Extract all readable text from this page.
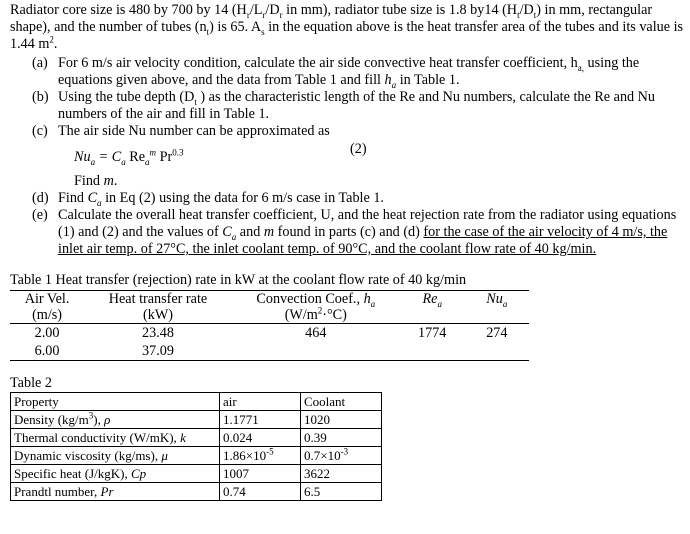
Radiator core size is 480 by 700 by 14 ($H_r/L_r/D_r$ in mm), radiator tube size is 1.8 by14 $(H_t/D_t)$ in mm, rectangular shape), and the number of tubes $(n_t)$ is 65. $A_s$ in the equation above is the heat transfer area of the tubes and its value is 1.44 $m^2$.

(a) For 6 m/s air velocity condition, calculate the air side convective heat transfer coefficient, $h_{a,}$ using the equations given above, and the data from Table 1 and fill $h_a$ in Table 1.
(b) Using the tube depth ($D_t$ ) as the characteristic length of the Re and Nu numbers, calculate the Re and Nu numbers of the air and fill in Table 1.
(c) The air side Nu number can be approximated as
$Nu_a = C_a$ $Re_a^m$ $Pr^{0.3}$	(2)
Find m.
(d) Find $C_a$ in Eq (2) using the data for 6 m/s case in Table 1.
(e) Calculate the overall heat transfer coefficient, U, and the heat rejection rate from the radiator using equations (1) and (2) and the values of $C_a$ and m found in parts (c) and (d) for the case of the air velocity of 4 m/s, the inlet air temp. of 27°C, the inlet coolant temp. of 90°C, and the coolant flow rate of 40 kg/min.

Table 1 Heat transfer (rejection) rate in kW at the coolant flow rate of 40 kg/min

Air Vel.	Heat transfer rate	Convection Coef., $h_a$	$Re_a$	$Nu_a$
(m/s)	(kW)	$(W/m^2\cdot^\circ C)$		
2.00	23.48	464	1774	274
6.00	37.09			

Table 2

Property	air	Coolant
Density $(kg/m^3)$, ρ	1.1771	1020
Thermal conductivity (W/mK), k	0.024	0.39
Dynamic viscosity (kg/ms), μ	$1.86\times 10^{-5}$	$0.7\times 10^{-3}$
Specific heat (J/kgK), Cp	1007	3622
Prandtl number, Pr	0.74	6.5
